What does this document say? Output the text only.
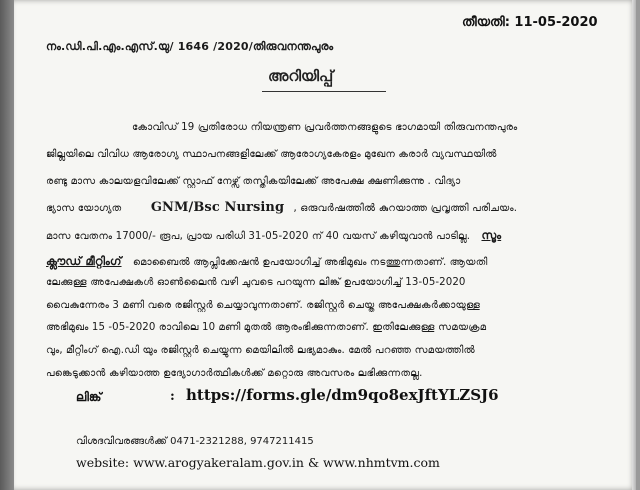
തീയതി: 11-05-2020
നം.ഡി.പി.എം.എസ്.യു/ 1646 /2020/തിരുവനന്തപുരം
അറിയിപ്പ്
കോവിഡ് 19 പ്രതിരോധ നിയന്ത്രണ പ്രവർത്തനങ്ങളുടെ ഭാഗമായി തിരുവനന്തപുരം
ജില്ലയിലെ വിവിധ ആരോഗ്യ സ്ഥാപനങ്ങളിലേക്ക് ആരോഗ്യകേരളം മുഖേന കരാർ വ്യവസ്ഥയിൽ
രണ്ടു മാസ കാലയളവിലേക്ക് സ്റ്റാഫ് നേഴ്സ് തസ്തികയിലേക്ക് അപേക്ഷ ക്ഷണിക്കുന്നു . വിദ്യാ
ഭ്യാസ യോഗ്യത GNM/Bsc Nursing , ഒരുവർഷത്തിൽ കുറയാത്ത പ്രവൃത്തി പരിചയം.
മാസ വേതനം 17000/- രൂപ, പ്രായ പരിധി 31-05-2020 ന് 40 വയസ് കഴിയുവാൻ പാടില്ല. സൂം
ക്ലൗഡ് മീറ്റിംഗ് മൊബൈൽ ആപ്ലിക്കേഷൻ ഉപയോഗിച്ച് അഭിമുഖം നടത്തുന്നതാണ്. ആയതി
ലേക്കുള്ള അപേക്ഷകൾ ഓൺലൈൻ വഴി ചുവടെ പറയുന്ന ലിങ്ക് ഉപയോഗിച്ച് 13-05-2020
വൈകുന്നേരം 3 മണി വരെ രജിസ്റ്റർ ചെയ്യാവുന്നതാണ്. രജിസ്റ്റർ ചെയ്ത അപേക്ഷകർക്കായുള്ള
അഭിമുഖം 15 -05-2020 രാവിലെ 10 മണി മുതൽ ആരംഭിക്കുന്നതാണ്. ഇതിലേക്കുള്ള സമയക്രമ
വും, മീറ്റിംഗ് ഐ.ഡി യും രജിസ്റ്റർ ചെയ്യുന്ന മെയിലിൽ ലഭ്യമാകും. മേൽ പറഞ്ഞ സമയത്തിൽ
പങ്കെടുക്കാൻ കഴിയാത്ത ഉദ്യോഗാർത്ഥികൾക്ക് മറ്റൊരു അവസരം ലഭിക്കുന്നതല്ല.
ലിങ്ക്	: https://forms.gle/dm9qo8exJftYLZSJ6
വിശദവിവരങ്ങൾക്ക് 0471-2321288, 9747211415
website: www.arogyakeralam.gov.in & www.nhmtvm.com
